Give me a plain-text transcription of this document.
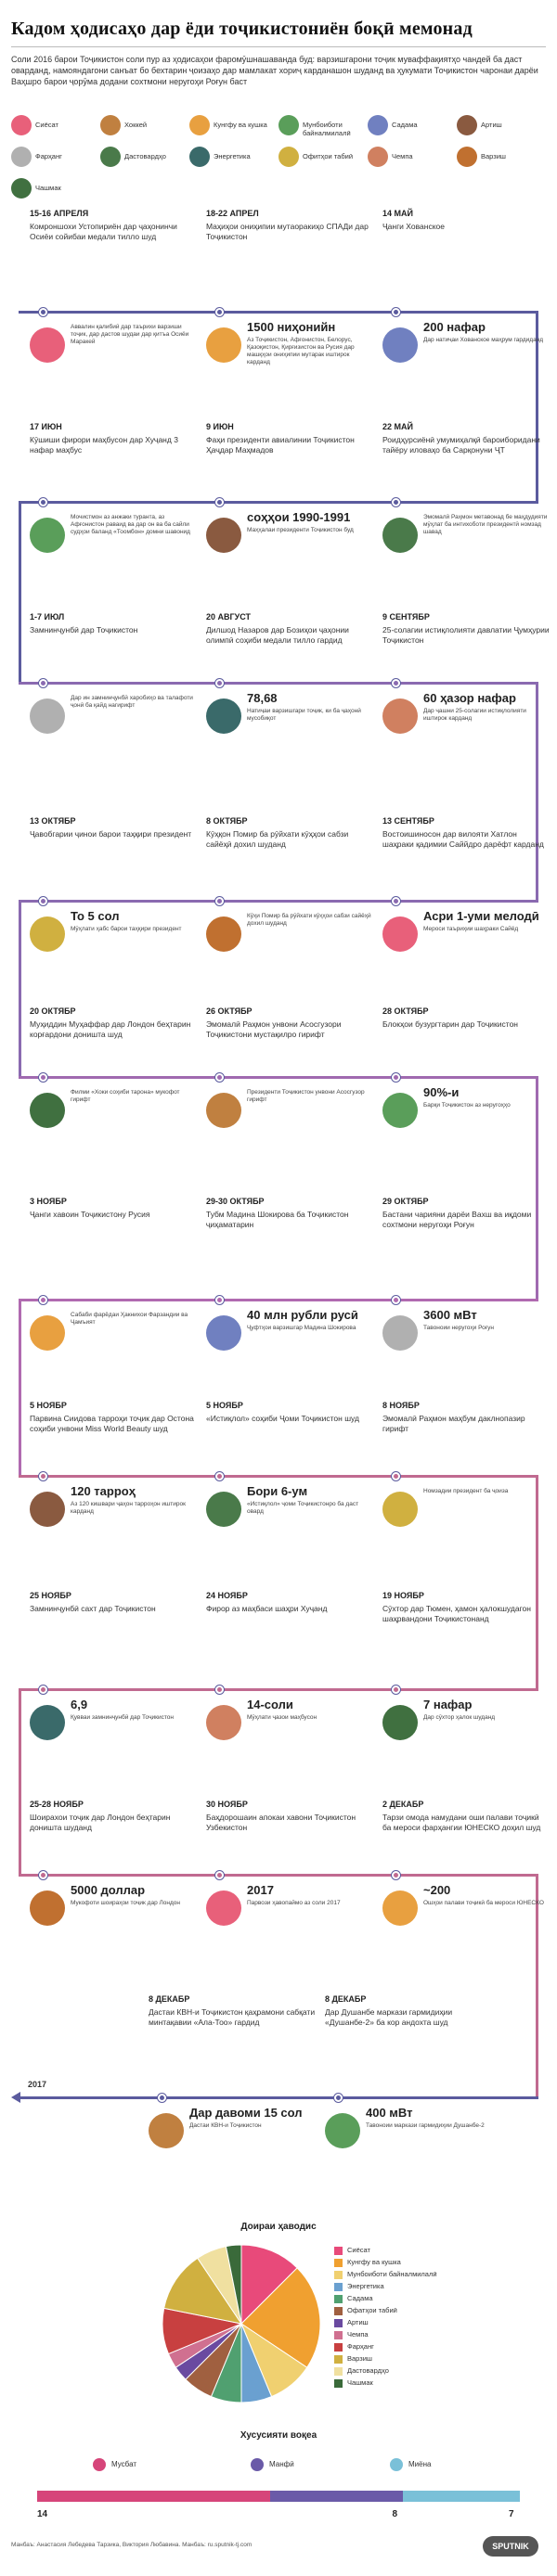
Кадом ҳодисаҳо дар ёди тоҷикистониён боқӣ мемонад
Соли 2016 барои Тоҷикистон соли пур аз ҳодисаҳои фаромӯшнашаванда буд: варзишгарони тоҷик муваффақиятҳо чандей ба даст оварданд, намояндагони санъат бо бехтарин ҷоизаҳо дар мамлакат хориҷ карданашон шуданд ва ҳукумати Тоҷикистон чаронаи дарёи Ваҳшро барои ҷорӯма додани сохтмони неругоҳи Роғун баст
Сиёсат	Хоккей	Кунгфу ва кушка	Мунбоиботи байналмилалӣ
Садама	Артиш
Фарҳанг	Дастовардҳо	Энергетика	Офитҳои табиӣ	Чемпа	Варзиш
Чашмак
15-16 АПРЕЛЯ
Комроншохи Устопириён дар ҷаҳонинчи Осиёи сойибаи медали тилло шуд
Аввалин қалибиӣ дар таърихи варзиши тоҷик, дар дастов шудаи дар қитъа Осиёи Маракей
18-22 АПРЕЛ
Маҳиҳои ониҳипии мутаоракиҳо СПАДи дар Тоҷикистон
1500 ниҳонийн
Аз Тоҷикистон, Афғонистон, Белорус, Қазоқистон, Қирғизистон ва Русия дар машқҳои ониҳипии мутарак иштирок карданд
14 МАЙ
Ҷанги Хованское
200 нафар
Дар натиҷаи Хованское маҳрум гардиданд
17 ИЮН
Кӯшиши фирори маҳбусон дар Хуҷанд 3 нафар маҳбус
Мочистмон аз анжаки туранта, аз Афғонистон раваид ва дар он ва ба сайли судҳои баланд «Тоомбон» домни шавонид
9 ИЮН
Фаҳи президенти авиалинии Тоҷикистон Ҳаҷдар Маҳмадов
соҳҳои 1990-1991
Маҳҳалаи президенти Тоҷикистон буд
22 МАЙ
Роидҳурсиёнӣ умумиҳалқӣ бароиборидани тайёру иловаҳо ба Сарқонуни ҶТ
Эмомалӣ Раҳмон метавонад бе маҳдудияти мӯҳлат ба интихоботи президентӣ номзад шавад
1-7 ИЮЛ
Замнинҷунбӣ дар Тоҷикистон
Дар ин замнинҷунбӣ харобиҳо ва талафоти ҷонӣ ба қайд нагирифт
20 АВГУСТ
Дилшод Назаров дар Бозиҳои ҷаҳонии олимпӣ соҳиби медали тилло гардид
78,68
Натиҷаи варзишгари тоҷик, ки ба ҷаҳонӣ мусобиқот
9 СЕНТЯБР
25-солагии истиқлолияти давлатии Ҷумҳурии Тоҷикистон
60 ҳазор нафар
Дар ҷашни 25-солагии истиқлолияти иштирок карданд
13 ОКТЯБР
Ҷавобгарии ҷинои барои таҳқири президент
To 5 сол
Мӯҳлати ҳабс барои таҳқири президент
8 ОКТЯБР
Кӯҳқон Помир ба рӯйхати кӯҳҳои сабзи сайёҳӣ дохил шуданд
Кӯҳи Помир ба рӯйхати кӯҳҳои сабзи сайёҳӣ дохил шуданд
13 СЕНТЯБР
Востоишиносон дар вилояти Хатлон шаҳраки қадимии Саййдро дарёфт карданд
Асри 1-уми мелодӣ
Мероси таъриҳии шаҳраки Сайёд
20 ОКТЯБР
Муҳиддин Муҳаффар дар Лондон беҳтарин корғардони доништа шуд
Филми «Хоки соҳиби тарона» мукофот гирифт
26 ОКТЯБР
Эмомалӣ Раҳмон унвони Асосгузори Тоҷикистони мустақилро гирифт
Президенти Тоҷикистон унвони Асосгузор гирифт
28 ОКТЯБР
Блокҳои бузургтарин дар Тоҷикистон
90%-и
Барқи Тоҷикистон аз неругоҳҳо
3 НОЯБР
Ҷанги хавоин Тоҷикистону Русия
Сабаби фарёдаи Ҳакнихои Фарзандии ва Ҷамъият
29-30 ОКТЯБР
Тубм Мадина Шокирова ба Тоҷикистон ҷиҳаматарин
40 млн рубли русӣ
Ҷуфтҳои варзишгар Мадина Шокирова
29 ОКТЯБР
Бастани чарияни дарёи Вахш ва иқдоми сохтмони неругоҳи Роғун
3600 мВт
Тавоноии неругоҳи Роғун
5 НОЯБР
Парвина Сиидова тарроҳи тоҷик дар Остона соҳиби унвони Miss World Beauty шуд
120 тарроҳ
Аз 120 кишвари ҷаҳон тарроҳон иштирок карданд
5 НОЯБР
«Истиқлол» соҳиби Ҷоми Тоҷикистон шуд
Бори 6-ум
«Истиқлол» ҷоми Тоҷикистонро ба даст овард
8 НОЯБР
Эмомалӣ Раҳмон маҳбум даклнопазир гирифт
Номзадии президент ба ҷоиза
25 НОЯБР
Замнинҷунбӣ сахт дар Тоҷикистон
6,9
Қувваи замнинҷунбӣ дар Тоҷикистон
24 НОЯБР
Фирор аз маҳбаси шаҳри Хуҷанд
14-соли
Мӯҳлати ҷазои маҳбусон
19 НОЯБР
Сӯхтор дар Тюмен, ҳамон ҳалокшудагон шаҳрвандони Тоҷикистонанд
7 нафар
Дар сӯхтор ҳалок шуданд
25-28 НОЯБР
Шоирахои тоҷик дар Лондон беҳтарин доништа шуданд
5000 доллар
Мукофоти шоираҳои тоҷик дар Лондон
30 НОЯБР
Баҳдорошаин апокаи хавони Тоҷикистон Узбекистон
2017
Парвози ҳавопаймо аз соли 2017
2 ДЕКАБР
Тарзи омода намудани оши палави тоҷикӣ ба мероси фарҳангии ЮНЕСКО доҳил шуд
~200
Ошҳои палави тоҷикӣ ба мероси ЮНЕСКО
8 ДЕКАБР
Дастаи КВН-и Тоҷикистон қаҳрамони сабқати минтақавии «Ала-Тоо» гардид
Дар давоми 15 сол
Дастаи КВН-и Тоҷикистон
8 ДЕКАБР
Дар Душанбе маркази гармидиҳии «Душанбе-2» ба кор андохта шуд
400 мВт
Тавоноии маркази гармидиҳии Душанбе-2
2017
Доираи ҳаводис
Сиёсат
Кунгфу ва кушка
Мунбоиботи байналмилалӣ
Энергетика
Садама
Офатҳои табиӣ
Артиш
Чемпа
Фарҳанг
Варзиш
Дастовардҳо
Чашмак
Хусусияти воқеа
Мусбат
14
Манфӣ
8
Миёна
7
Манбаъ: Анастасия Лебедева Тарзика, Виктория Любавина. Манбаъ: ru.sputnik-tj.com	SPUTNIK
